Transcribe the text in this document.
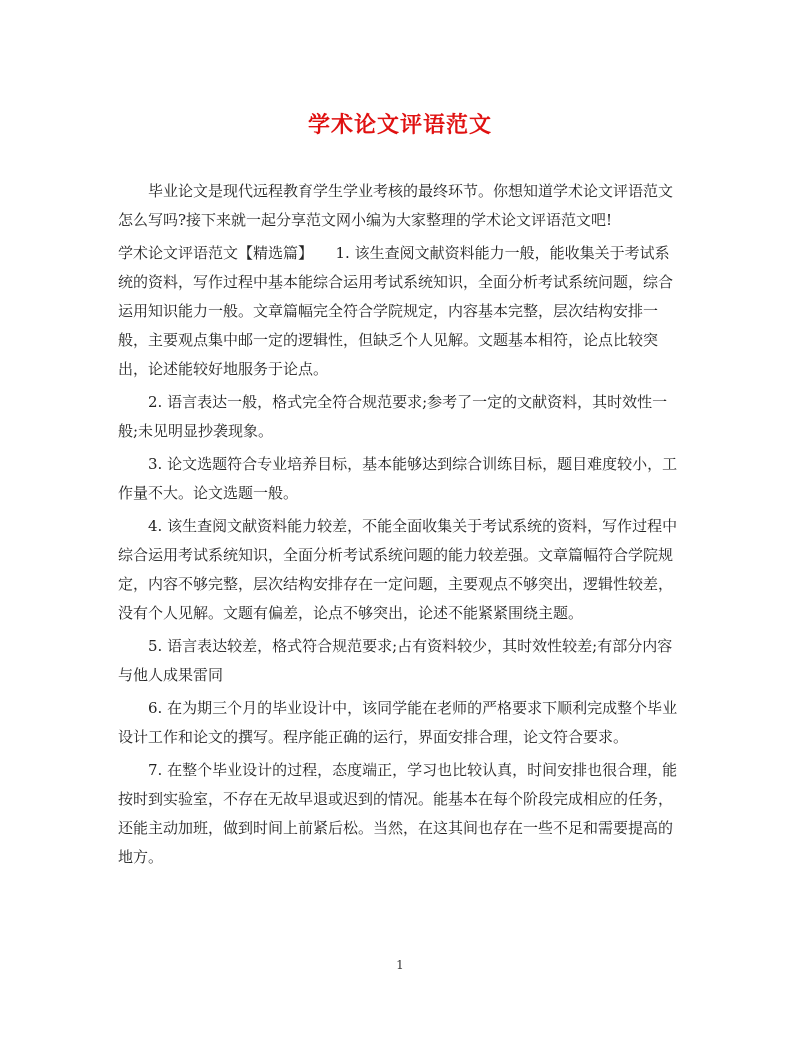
学术论文评语范文

毕业论文是现代远程教育学生学业考核的最终环节。你想知道学术论文评语范文怎么写吗?接下来就一起分享范文网小编为大家整理的学术论文评语范文吧!

学术论文评语范文【精选篇】　　1. 该生查阅文献资料能力一般，能收集关于考试系统的资料，写作过程中基本能综合运用考试系统知识，全面分析考试系统问题，综合运用知识能力一般。文章篇幅完全符合学院规定，内容基本完整，层次结构安排一般，主要观点集中邮一定的逻辑性，但缺乏个人见解。文题基本相符，论点比较突出，论述能较好地服务于论点。

2. 语言表达一般，格式完全符合规范要求;参考了一定的文献资料，其时效性一般;未见明显抄袭现象。

3. 论文选题符合专业培养目标，基本能够达到综合训练目标，题目难度较小，工作量不大。论文选题一般。

4. 该生查阅文献资料能力较差，不能全面收集关于考试系统的资料，写作过程中综合运用考试系统知识，全面分析考试系统问题的能力较差强。文章篇幅符合学院规定，内容不够完整，层次结构安排存在一定问题，主要观点不够突出，逻辑性较差，没有个人见解。文题有偏差，论点不够突出，论述不能紧紧围绕主题。

5. 语言表达较差，格式符合规范要求;占有资料较少，其时效性较差;有部分内容与他人成果雷同

6. 在为期三个月的毕业设计中，该同学能在老师的严格要求下顺利完成整个毕业设计工作和论文的撰写。程序能正确的运行，界面安排合理，论文符合要求。

7. 在整个毕业设计的过程，态度端正，学习也比较认真，时间安排也很合理，能按时到实验室，不存在无故早退或迟到的情况。能基本在每个阶段完成相应的任务，还能主动加班，做到时间上前紧后松。当然，在这其间也存在一些不足和需要提高的地方。

1
